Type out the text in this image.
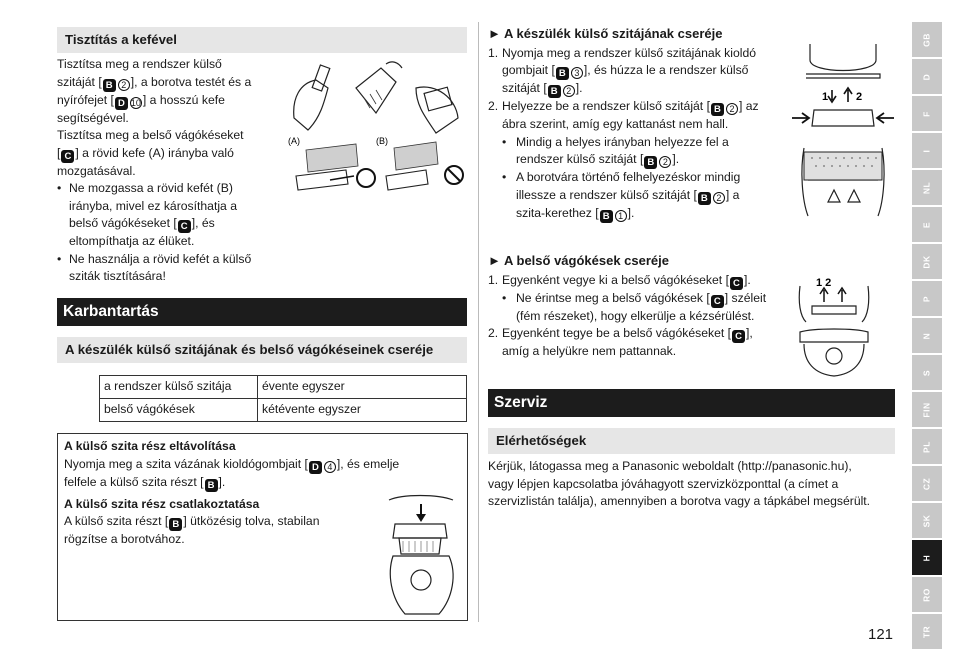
Tisztítás a kefével
Tisztítsa meg a rendszer külső
szitáját [ B 2 ], a borotva testét és a
nyírófejet [ D 10 ] a hosszú kefe
segítségével.
Tisztítsa meg a belső vágókéseket
[ C ] a rövid kefe (A) irányba való
mozgatásával.
• Ne mozgassa a rövid kefét (B)
irányba, mivel ez károsíthatja a
belső vágókéseket [ C ], és
eltompíthatja az élüket.
• Ne használja a rövid kefét a külső
sziták tisztítására!
(A)	(B)
Karbantartás
A készülék külső szitájának és belső vágókéseinek cseréje
a rendszer külső szitája	évente egyszer
belső vágókések	kétévente egyszer
A külső szita rész eltávolítása
Nyomja meg a szita vázának kioldógombjait [ D 4 ], és emelje
felfele a külső szita részt [ B ].
A külső szita rész csatlakoztatása
A külső szita részt [ B ] ütközésig tolva, stabilan
rögzítse a borotvához.
► A készülék külső szitájának cseréje
1. Nyomja meg a rendszer külső szitájának kioldó
gombjait [ B 3 ], és húzza le a rendszer külső
szitáját [ B 2 ].
2. Helyezze be a rendszer külső szitáját [ B 2 ] az
ábra szerint, amíg egy kattanást nem hall.
• Mindig a helyes irányban helyezze fel a
rendszer külső szitáját [ B 2 ].
• A borotvára történő felhelyezéskor mindig
illessze a rendszer külső szitáját [ B 2 ] a
szita-kerethez [ B 1 ].
1	2
► A belső vágókések cseréje
1. Egyenként vegye ki a belső vágókéseket [ C ].
• Ne érintse meg a belső vágókések [ C ] széleit
(fém részeket), hogy elkerülje a kézsérülést.
2. Egyenként tegye be a belső vágókéseket [ C ],
amíg a helyükre nem pattannak.
1 2
Szerviz
Elérhetőségek
Kérjük, látogassa meg a Panasonic weboldalt (http://panasonic.hu),
vagy lépjen kapcsolatba jóváhagyott szervizközponttal (a címet a
szervizlistán találja), amennyiben a borotva vagy a tápkábel megsérült.
GB
D
F
I
NL
E
DK
P
N
S
FIN
PL
CZ
SK
H
RO
TR
121
